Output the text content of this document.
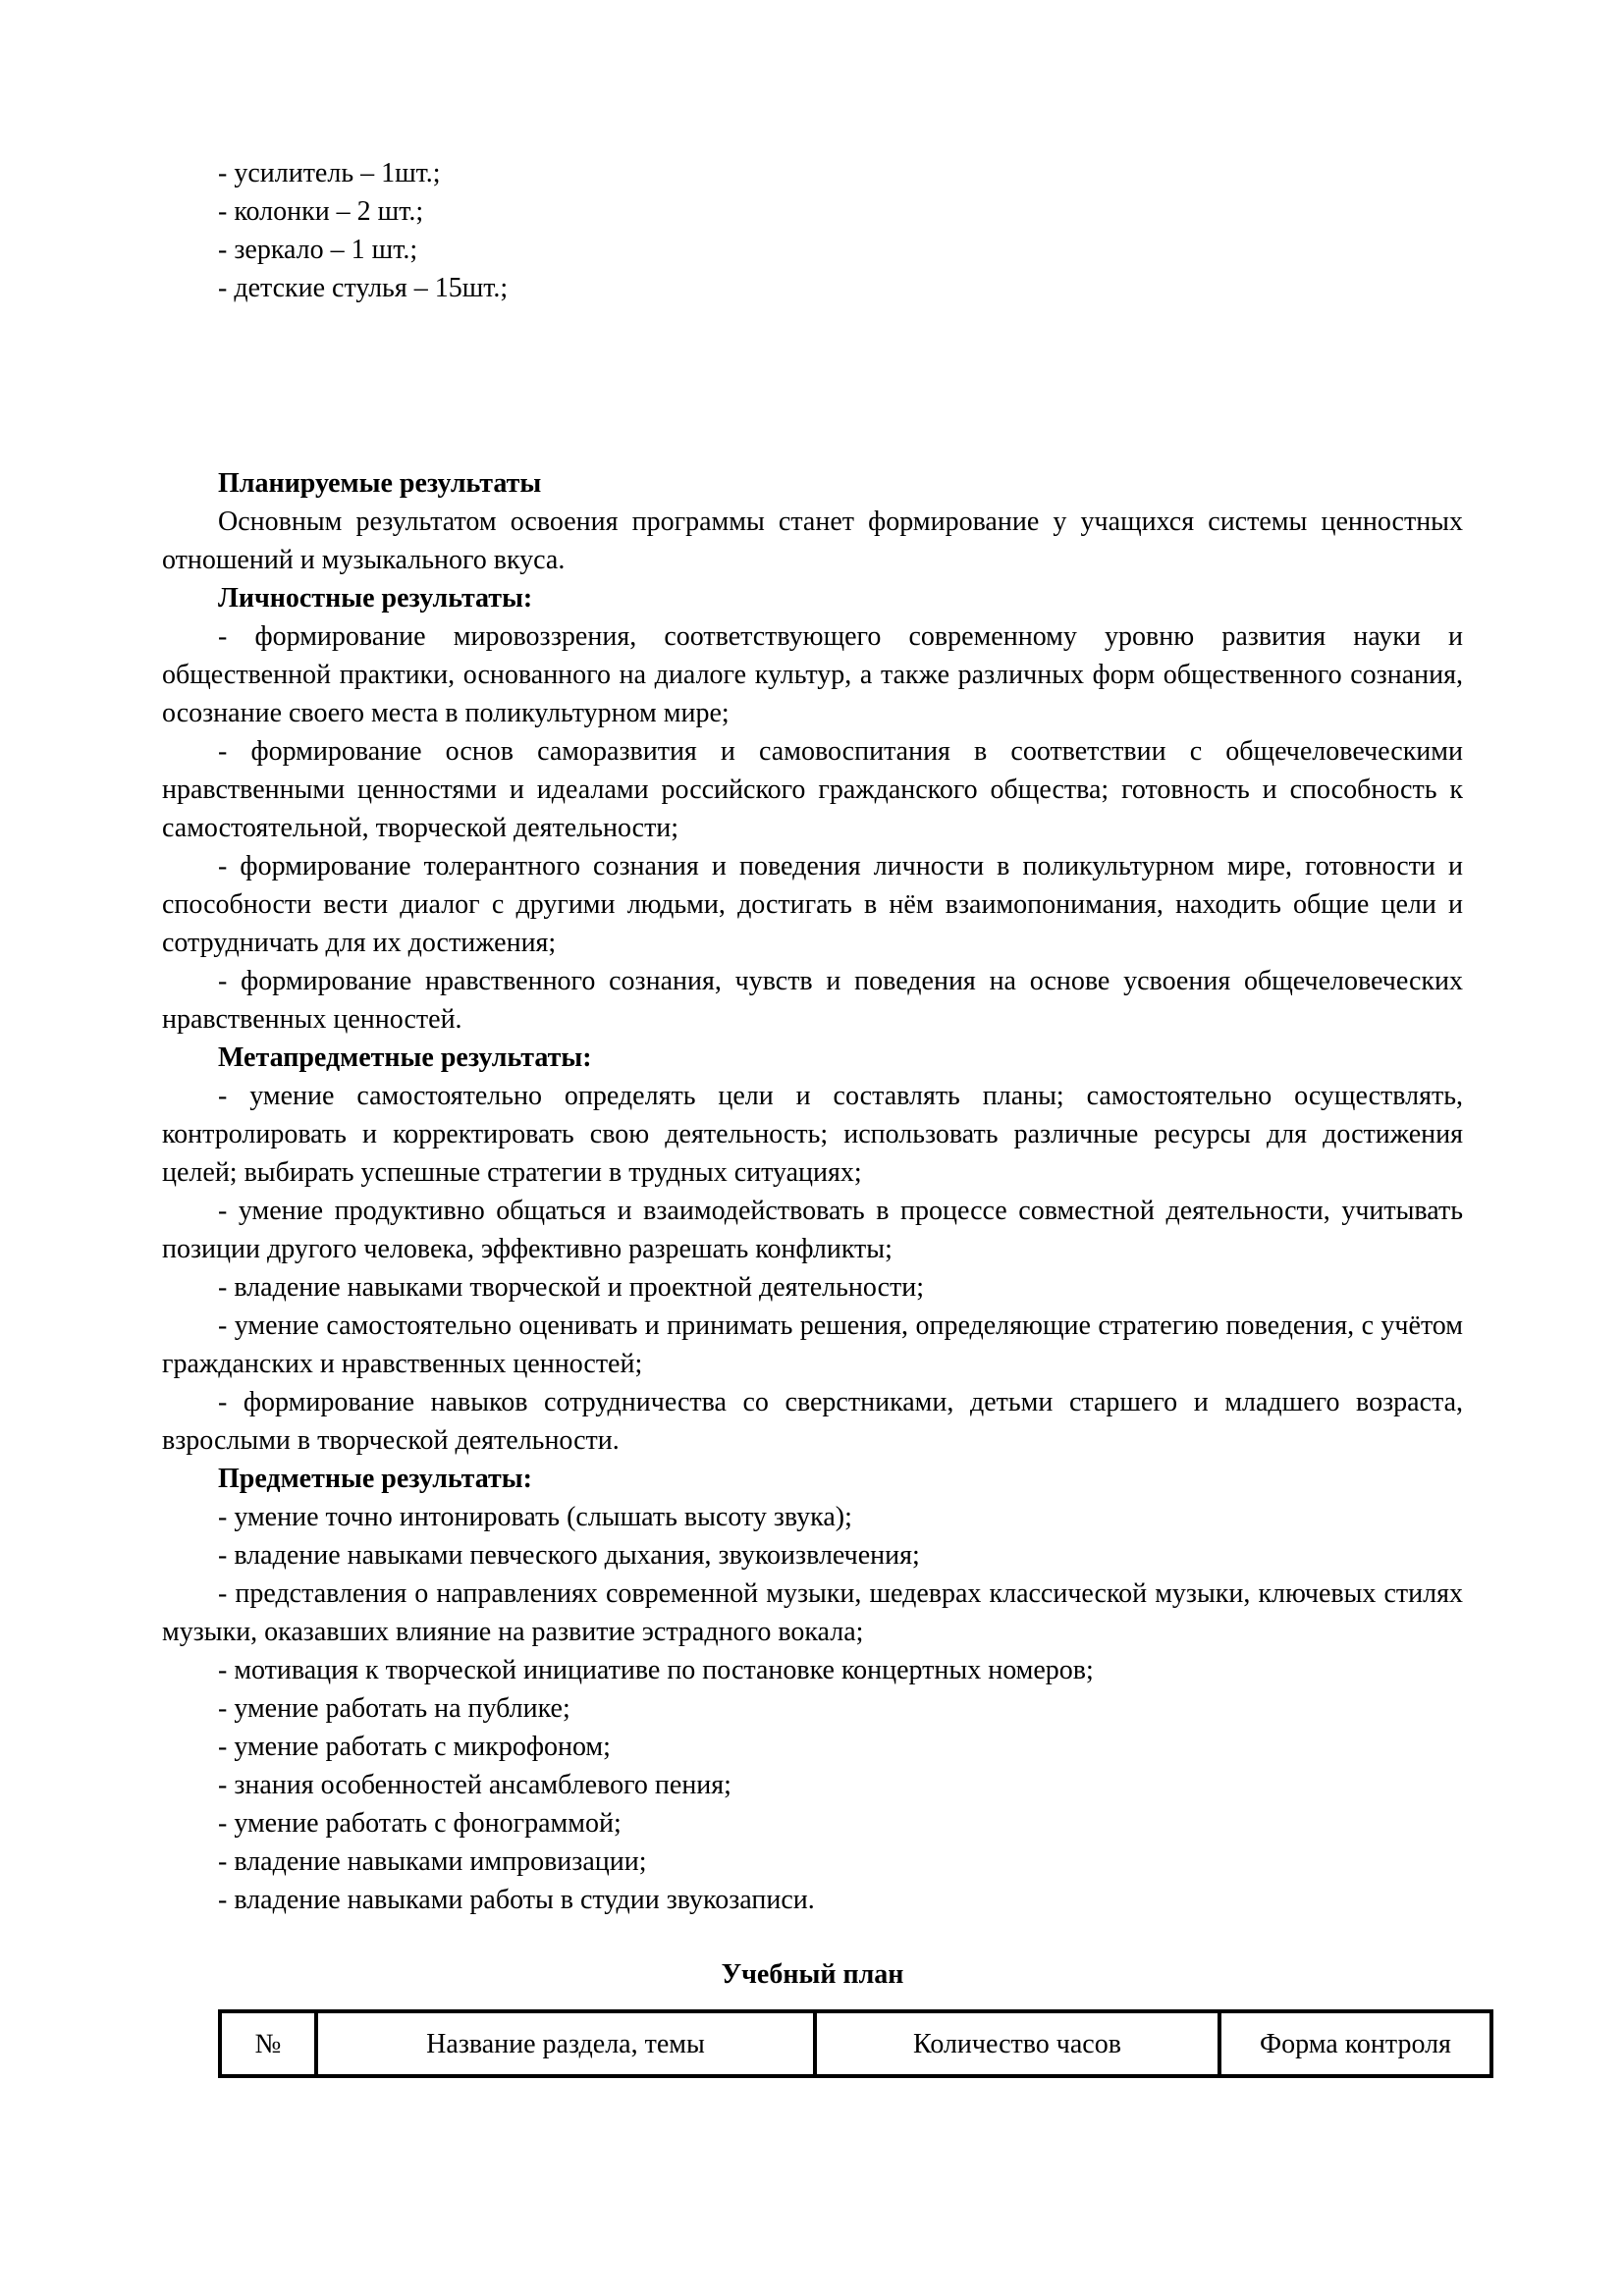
- усилитель – 1шт.;

- колонки – 2 шт.;

- зеркало – 1 шт.;

- детские стулья – 15шт.;

Планируемые результаты

Основным результатом освоения программы станет формирование у учащихся системы ценностных отношений и музыкального вкуса.

Личностные результаты:

- формирование мировоззрения, соответствующего современному уровню развития науки и общественной практики, основанного на диалоге культур, а также различных форм общественного сознания, осознание своего места в поликультурном мире;

- формирование основ саморазвития и самовоспитания в соответствии с общечеловеческими нравственными ценностями и идеалами российского гражданского общества; готовность и способность к самостоятельной, творческой деятельности;

- формирование толерантного сознания и поведения личности в поликультурном мире, готовности и способности вести диалог с другими людьми, достигать в нём взаимопонимания, находить общие цели и сотрудничать для их достижения;

- формирование нравственного сознания, чувств и поведения на основе усвоения общечеловеческих нравственных ценностей.

Метапредметные результаты:

- умение самостоятельно определять цели и составлять планы; самостоятельно осуществлять, контролировать и корректировать свою деятельность; использовать различные ресурсы для достижения целей; выбирать успешные стратегии в трудных ситуациях;

- умение продуктивно общаться и взаимодействовать в процессе совместной деятельности, учитывать позиции другого человека, эффективно разрешать конфликты;

- владение навыками творческой и проектной деятельности;

- умение самостоятельно оценивать и принимать решения, определяющие стратегию поведения, с учётом гражданских и нравственных ценностей;

- формирование навыков сотрудничества со сверстниками, детьми старшего и младшего возраста, взрослыми в творческой деятельности.

Предметные результаты:

- умение точно интонировать (слышать высоту звука);

- владение навыками певческого дыхания, звукоизвлечения;

- представления о направлениях современной музыки, шедеврах классической музыки, ключевых стилях музыки, оказавших влияние на развитие эстрадного вокала;

- мотивация к творческой инициативе по постановке концертных номеров;

- умение работать на публике;

- умение работать с микрофоном;

- знания особенностей ансамблевого пения;

- умение работать с фонограммой;

- владение навыками импровизации;

- владение навыками работы в студии звукозаписи.

Учебный план

№	Название раздела, темы	Количество часов	Форма контроля
